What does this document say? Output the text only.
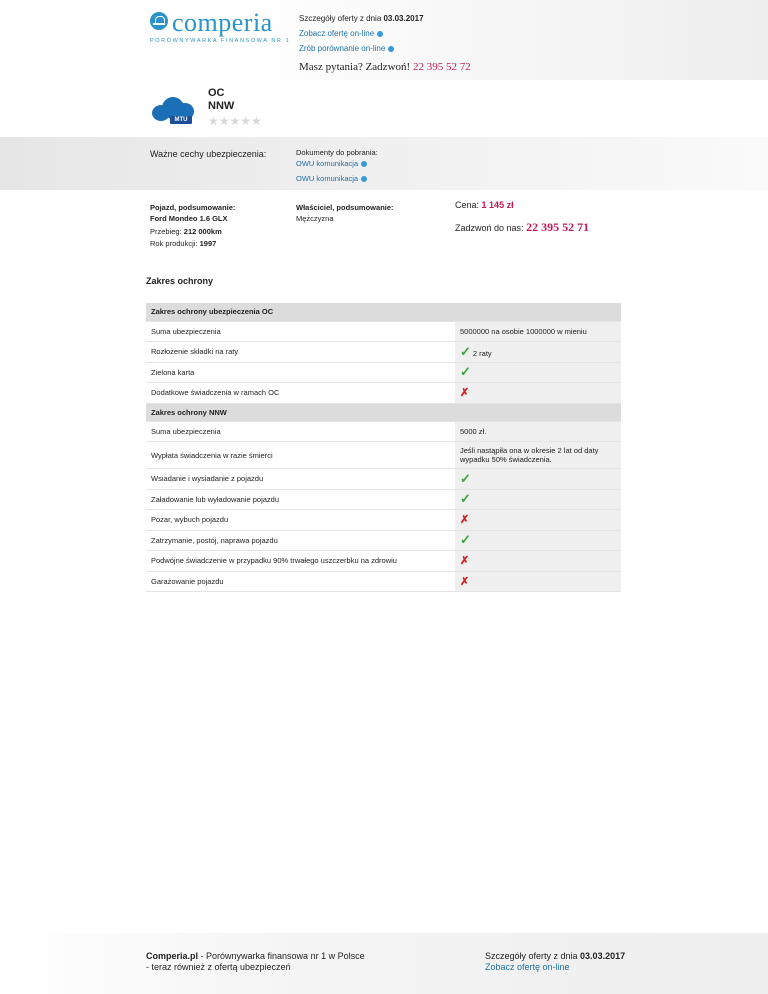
comperia
PORÓWNYWARKA FINANSOWA NR 1
Szczegóły oferty z dnia 03.03.2017
Zobacz ofertę on-line
Zrób porównanie on-line
Masz pytania? Zadzwoń! 22 395 52 72
MTU
OC
NNW
★★★★★
Ważne cechy ubezpieczenia:	Dokumenty do pobrania:
OWU komunikacja
OWU komunikacja
Pojazd, podsumowanie:
Ford Mondeo 1.6 GLX
Przebieg: 212 000km
Rok produkcji: 1997
Właściciel, podsumowanie:
Mężczyzna
Cena: 1 145 zł
Zadzwoń do nas: 22 395 52 71
Zakres ochrony
Zakres ochrony ubezpieczenia OC	
Suma ubezpieczenia	5000000 na osobie 1000000 w mieniu
Rozłożenie składki na raty	✓ 2 raty
Zielona karta	✓
Dodatkowe świadczenia w ramach OC	✗
Zakres ochrony NNW	
Suma ubezpieczenia	5000 zł.
Wypłata świadczenia w razie śmierci	Jeśli nastąpiła ona w okresie 2 lat od daty wypadku 50% świadczenia.
Wsiadanie i wysiadanie z pojazdu	✓
Załadowanie lub wyładowanie pojazdu	✓
Pożar, wybuch pojazdu	✗
Zatrzymanie, postój, naprawa pojazdu	✓
Podwójne świadczenie w przypadku 90% trwałego uszczerbku na zdrowiu	✗
Garażowanie pojazdu	✗
Comperia.pl - Porównywarka finansowa nr 1 w Polsce
- teraz również z ofertą ubezpieczeń
Szczegóły oferty z dnia 03.03.2017
Zobacz ofertę on-line
